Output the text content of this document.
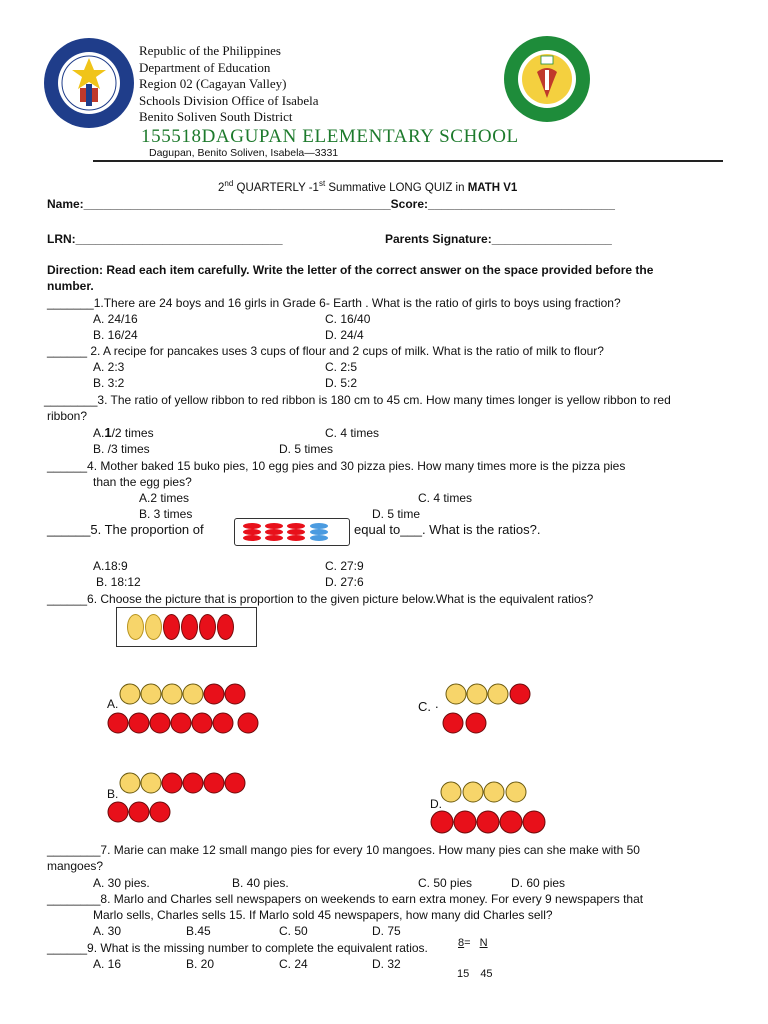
Republic of the Philippines
Department of Education
Region 02 (Cagayan Valley)
Schools Division Office of Isabela
Benito Soliven South District
155518DAGUPAN ELEMENTARY SCHOOL
Dagupan, Benito Soliven, Isabela—3331
2nd QUARTERLY -1st Summative LONG QUIZ in MATH V1
Name:______________________________________________Score:____________________________
LRN:_______________________________	Parents Signature:__________________
Direction: Read each item carefully. Write the letter of the correct answer on the space provided before the
number.
_______1.There are 24 boys and 16 girls in Grade 6- Earth . What is the ratio of girls to boys using fraction?
A. 24/16	C. 16/40
B. 16/24	D. 24/4
______ 2. A recipe for pancakes uses 3 cups of flour and 2 cups of milk. What is the ratio of milk to flour?
A. 2:3	C. 2:5
B. 3:2	D. 5:2
________3. The ratio of yellow ribbon to red ribbon is 180 cm to 45 cm. How many times longer is yellow ribbon to red
ribbon?
A.1/2 times	C. 4 times
B. /3 times	D. 5 times
______4. Mother baked 15 buko pies, 10 egg pies and 30 pizza pies. How many times more is the pizza pies
than the egg pies?
A.2 times	C. 4 times
B. 3 times	D. 5 time
______5. The proportion of	equal to___. What is the ratios?.
A.18:9	C. 27:9
B. 18:12	D. 27:6
______6. Choose the picture that is proportion to the given picture below.What is the equivalent ratios?
A.	C. ·
B.
D.
________7. Marie can make 12 small mango pies for every 10 mangoes. How many pies can she make with 50
mangoes?
A. 30 pies.	B. 40 pies.	C. 50 pies	D. 60 pies
________8. Marlo and Charles sell newspapers on weekends to earn extra money. For every 9 newspapers that
Marlo sells, Charles sells 15. If Marlo sold 45 newspapers, how many did Charles sell?
A. 30	B.45	C. 50	D. 75
______9. What is the missing number to complete the equivalent ratios.
A. 16	B. 20	C. 24	D. 32
8= N
15 45
